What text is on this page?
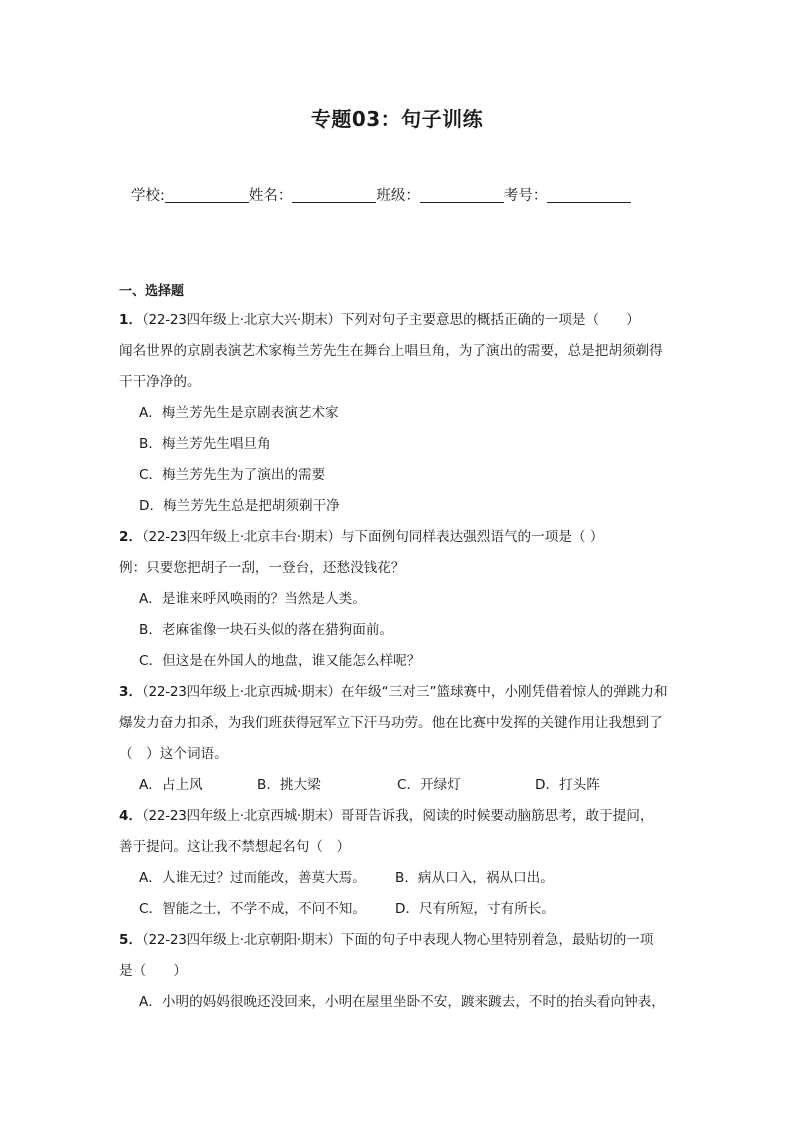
专题03：句子训练
学校:	姓名：	班级：	考号：
一、选择题
1．（22-23四年级上·北京大兴·期末）下列对句子主要意思的概括正确的一项是（　　）
闻名世界的京剧表演艺术家梅兰芳先生在舞台上唱旦角，为了演出的需要，总是把胡须剃得
干干净净的。
A．梅兰芳先生是京剧表演艺术家
B．梅兰芳先生唱旦角
C．梅兰芳先生为了演出的需要
D．梅兰芳先生总是把胡须剃干净
2．（22-23四年级上·北京丰台·期末）与下面例句同样表达强烈语气的一项是（ ）
例：只要您把胡子一刮，一登台，还愁没钱花？
A．是谁来呼风唤雨的？当然是人类。
B．老麻雀像一块石头似的落在猎狗面前。
C．但这是在外国人的地盘，谁又能怎么样呢？
3．（22-23四年级上·北京西城·期末）在年级“三对三”篮球赛中，小刚凭借着惊人的弹跳力和
爆发力奋力扣杀，为我们班获得冠军立下汗马功劳。他在比赛中发挥的关键作用让我想到了
（　）这个词语。
A．占上风	B．挑大梁	C．开绿灯	D．打头阵
4．（22-23四年级上·北京西城·期末）哥哥告诉我，阅读的时候要动脑筋思考，敢于提问，
善于提问。这让我不禁想起名句（　）
A．人谁无过？过而能改，善莫大焉。 B．病从口入，祸从口出。
C．智能之士，不学不成，不问不知。 D．尺有所短，寸有所长。
5．（22-23四年级上·北京朝阳·期末）下面的句子中表现人物心里特别着急，最贴切的一项
是（　　）
A．小明的妈妈很晚还没回来，小明在屋里坐卧不安，踱来踱去，不时的抬头看向钟表，
